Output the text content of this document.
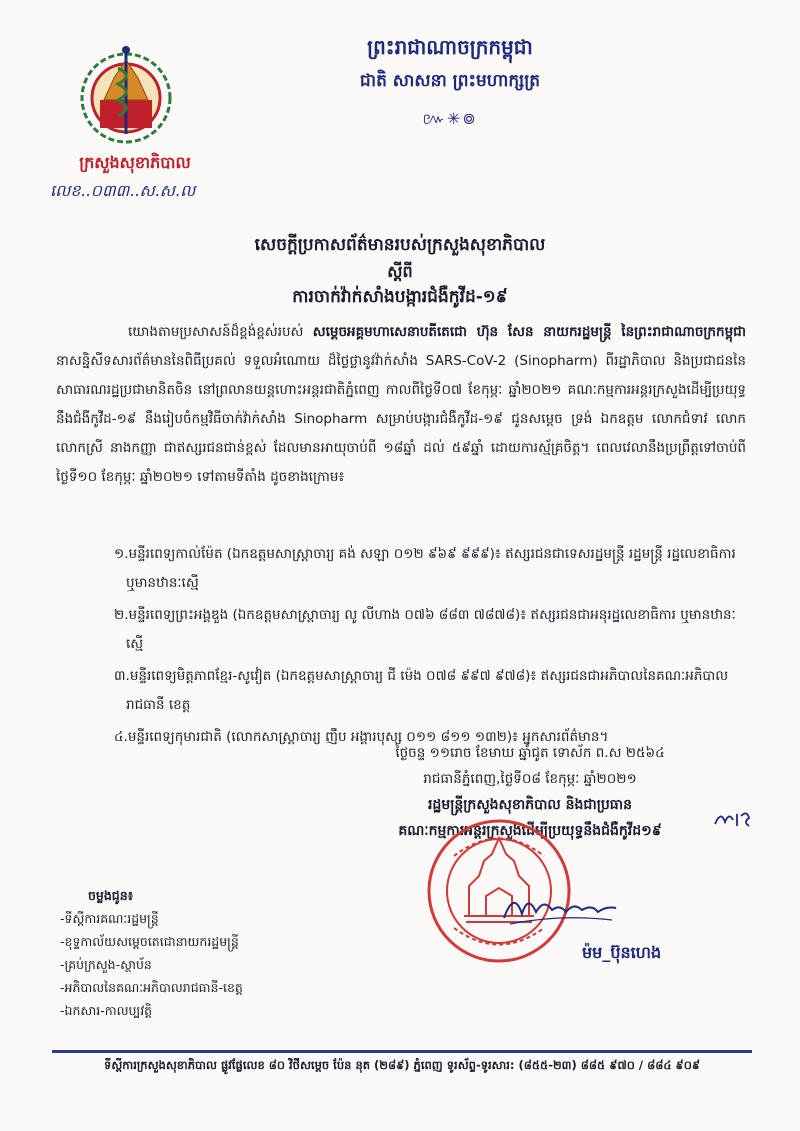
ព្រះរាជាណាចក្រកម្ពុជា
ជាតិ សាសនា ព្រះមហាក្សត្រ
៚✳៙
ក្រសួងសុខាភិបាល
លេខ..០៣៣..ស.ស.ល
សេចក្តីប្រកាសព័ត៌មានរបស់ក្រសួងសុខាភិបាល
ស្តីពី
ការចាក់វ៉ាក់សាំងបង្ការជំងឺកូវីដ-១៩
យោងតាមប្រសាសន៍ដ៏ខ្ពង់ខ្ពស់របស់ សម្តេចអគ្គមហាសេនាបតីតេជោ ហ៊ុន សែន នាយករដ្ឋមន្ត្រី នៃព្រះរាជាណាចក្រកម្ពុជា នាសន្និសីទសារព័ត៌មាននៃពិធីប្រគល់ ទទួលអំណោយ ដ៏ថ្លៃថ្លានូវវ៉ាក់សាំង SARS-CoV-2 (Sinopharm) ពីរដ្ឋាភិបាល និងប្រជាជននៃសាធារណរដ្ឋប្រជាមានិតចិន នៅព្រលានយន្តហោះអន្តរជាតិភ្នំពេញ កាលពីថ្ងៃទី០៧ ខែកុម្ភៈ ឆ្នាំ២០២១ គណៈកម្មការអន្តរក្រសួងដើម្បីប្រយុទ្ធនឹងជំងឺកូវីដ-១៩ នឹងរៀបចំកម្មវិធីចាក់វ៉ាក់សាំង Sinopharm សម្រាប់បង្ការជំងឺកូវីដ-១៩ ជូនសម្តេច ទ្រង់ ឯកឧត្តម លោកជំទាវ លោក លោកស្រី នាងកញ្ញា ជាឥស្សរជនជាន់ខ្ពស់ ដែលមានអាយុចាប់ពី ១៨ឆ្នាំ ដល់ ៥៩ឆ្នាំ ដោយការស្ម័គ្រចិត្ត។ ពេលវេលានឹងប្រព្រឹត្តទៅចាប់ពីថ្ងៃទី១០ ខែកុម្ភៈ ឆ្នាំ២០២១ ទៅតាមទីតាំង ដូចខាងក្រោម៖
១.មន្ទីរពេទ្យកាល់ម៉ែត (ឯកឧត្តមសាស្ត្រាចារ្យ គង់ សឡា ០១២ ៩៦៩ ៩៩៩)៖ ឥស្សរជនជាទេសរដ្ឋមន្ត្រី រដ្ឋមន្ត្រី រដ្ឋលេខាធិការ ឬមានឋានៈស្មើ
២.មន្ទីរពេទ្យព្រះអង្គឌួង (ឯកឧត្តមសាស្ត្រាចារ្យ លូ លីហាង ០៧៦ ៨៨៣ ៧៨៧៨)៖ ឥស្សរជនជាអនុរដ្ឋលេខាធិការ ឬមានឋានៈស្មើ
៣.មន្ទីរពេទ្យមិត្តភាពខ្មែរ-សូវៀត (ឯកឧត្តមសាស្ត្រាចារ្យ ជី ម៉េង ០៧៨ ៩៩៧ ៩៧៨)៖ ឥស្សរជនជាអភិបាលនៃគណៈអភិបាលរាជធានី ខេត្ត
៤.មន្ទីរពេទ្យកុមារជាតិ (លោកសាស្ត្រាចារ្យ ញឹប អង្គារបុស្ស ០១១ ៨១១ ១៣២)៖ អ្នកសារព័ត៌មាន។
ថ្ងៃចន្ទ ១១រោច ខែមាឃ ឆ្នាំជូត ទោស័ក ព.ស ២៥៦៤
រាជធានីភ្នំពេញ,ថ្ងៃទី០៨ ខែកុម្ភៈ ឆ្នាំ២០២១
រដ្ឋមន្ត្រីក្រសួងសុខាភិបាល និងជាប្រធាន
គណៈកម្មការអន្តរក្រសួងដើម្បីប្រយុទ្ធនឹងជំងឺកូវីដ១៩
ម៉ម_ប៊ុនហេង
ចម្លងជូន៖
-ទីស្តីការគណៈរដ្ឋមន្ត្រី
-ខុទ្ទកាល័យសម្តេចតេជោនាយករដ្ឋមន្ត្រី
-គ្រប់ក្រសួង-ស្ថាប័ន
-អភិបាលនៃគណៈអភិបាលរាជធានី-ខេត្ត
-ឯកសារ-កាលប្បវត្តិ
ទីស្តីការក្រសួងសុខាភិបាល ផ្លូវផ្លែលេខ ៨០ វិថីសម្តេច ប៉ែន នុត (២៨៩) ភ្នំពេញ ទូរស័ព្ទ-ទូរសារ: (៨៥៥-២៣) ៨៨៥ ៩៧០ / ៨៨៤ ៩០៩
